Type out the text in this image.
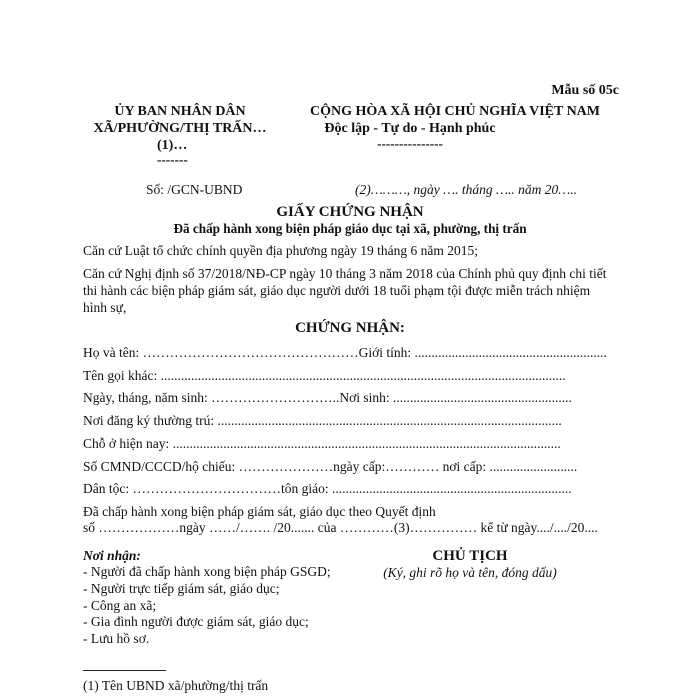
Mẫu số 05c
ỦY BAN NHÂN DÂN
XÃ/PHƯỜNG/THỊ TRẤN…
(1)…
-------
CỘNG HÒA XÃ HỘI CHỦ NGHĨA VIỆT NAM
Độc lập - Tự do - Hạnh phúc
---------------
Số: /GCN-UBND	(2)………, ngày …. tháng ….. năm 20…..
GIẤY CHỨNG NHẬN
Đã chấp hành xong biện pháp giáo dục tại xã, phường, thị trấn
Căn cứ Luật tổ chức chính quyền địa phương ngày 19 tháng 6 năm 2015;
Căn cứ Nghị định số 37/2018/NĐ-CP ngày 10 tháng 3 năm 2018 của Chính phủ quy định chi tiết
thi hành các biện pháp giám sát, giáo dục người dưới 18 tuổi phạm tội được miễn trách nhiệm
hình sự,
CHỨNG NHẬN:
Họ và tên: …………………………………………Giới tính: .........................................................
Tên gọi khác: ........................................................................................................................
Ngày, tháng, năm sinh: ………………………..Nơi sinh: .....................................................
Nơi đăng ký thường trú: ......................................................................................................
Chỗ ở hiện nay: ...................................................................................................................
Số CMND/CCCD/hộ chiếu: …………………ngày cấp:………… nơi cấp: ..........................
Dân tộc: ……………………………tôn giáo: .......................................................................
Đã chấp hành xong biện pháp giám sát, giáo dục theo Quyết định
số ………………ngày ……/……. /20....... của …………(3)…………… kể từ ngày..../..../20....
Nơi nhận:
- Người đã chấp hành xong biện pháp GSGD;
- Người trực tiếp giám sát, giáo dục;
- Công an xã;
- Gia đình người được giám sát, giáo dục;
- Lưu hồ sơ.
CHỦ TỊCH
(Ký, ghi rõ họ và tên, đóng dấu)
(1) Tên UBND xã/phường/thị trấn
